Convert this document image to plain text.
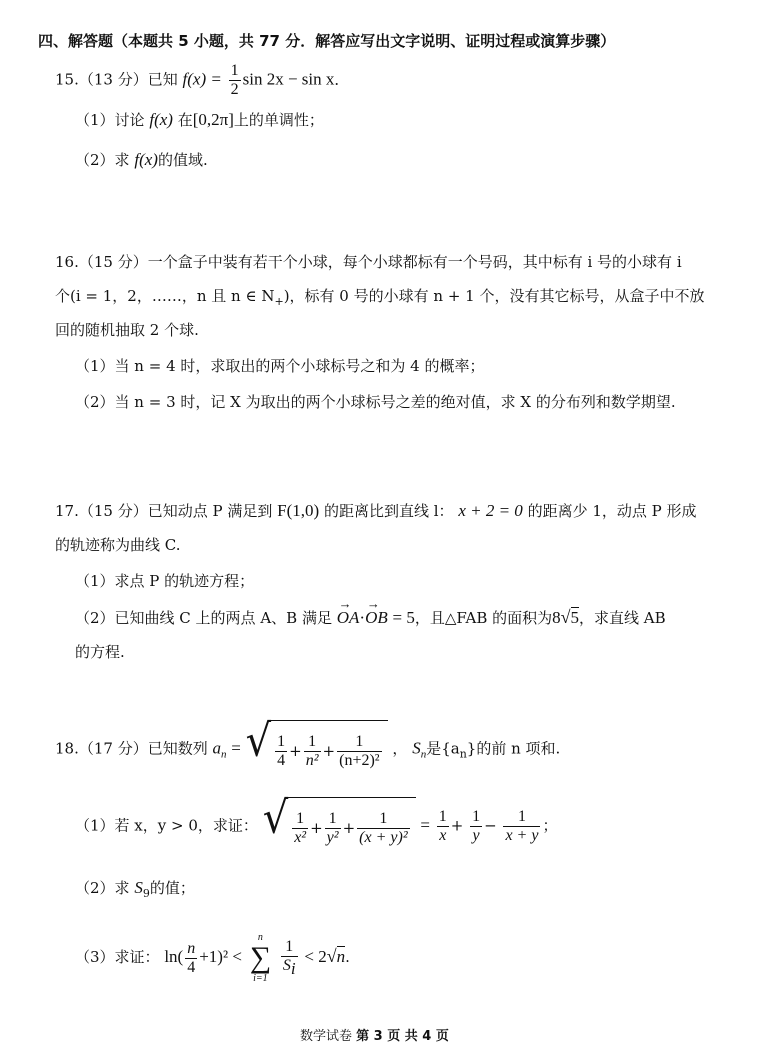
四、解答题（本题共 5 小题，共 77 分．解答应写出文字说明、证明过程或演算步骤）
15.（13 分）已知 $f(x) = \frac{1}{2}$ sin 2x − sin x．
（1）讨论 f(x) 在[0,2π]上的单调性；
（2）求 f(x)的值域.
16.（15 分）一个盒子中装有若干个小球，每个小球都标有一个号码，其中标有 i 号的小球有 i
个(i = 1，2，……，n 且 n ∈ $N_+$)，标有 0 号的小球有 n + 1 个，没有其它标号，从盒子中不放
回的随机抽取 2 个球.
（1）当 n = 4 时，求取出的两个小球标号之和为 4 的概率；
（2）当 n = 3 时，记 X 为取出的两个小球标号之差的绝对值，求 X 的分布列和数学期望.
17.（15 分）已知动点 P 满足到 F(1,0) 的距离比到直线 l： x + 2 = 0 的距离少 1，动点 P 形成
的轨迹称为曲线 C.
（1）求点 P 的轨迹方程；
（2）已知曲线 C 上的两点 A、B 满足 → OA·→ OB = 5，且△FAB 的面积为8√5，求直线 AB
的方程.
18.（17 分）已知数列 $a_n$ = √ $\frac{1}{4} + \frac{1}{\text{n²}} + \frac{1}{\text{(n+2)²}}$ ， $S_n$是$\{a_n\}$的前 n 项和.
（1）若 x，y > 0，求证： √ $\frac{1}{\text{x²}} + \frac{1}{\text{y²}} + \frac{1}{\text{(x + y)²}} = \frac{1}{x} + \frac{1}{y} - \frac{1}{x + y}$ ；
（2）求 $S_9$的值；
（3）求证： $\ln( \frac{n}{4} +1)^2$ <
n
∑
i=1

$\frac{1}{S_i} < 2√n$.
数学试卷 第 3 页 共 4 页
